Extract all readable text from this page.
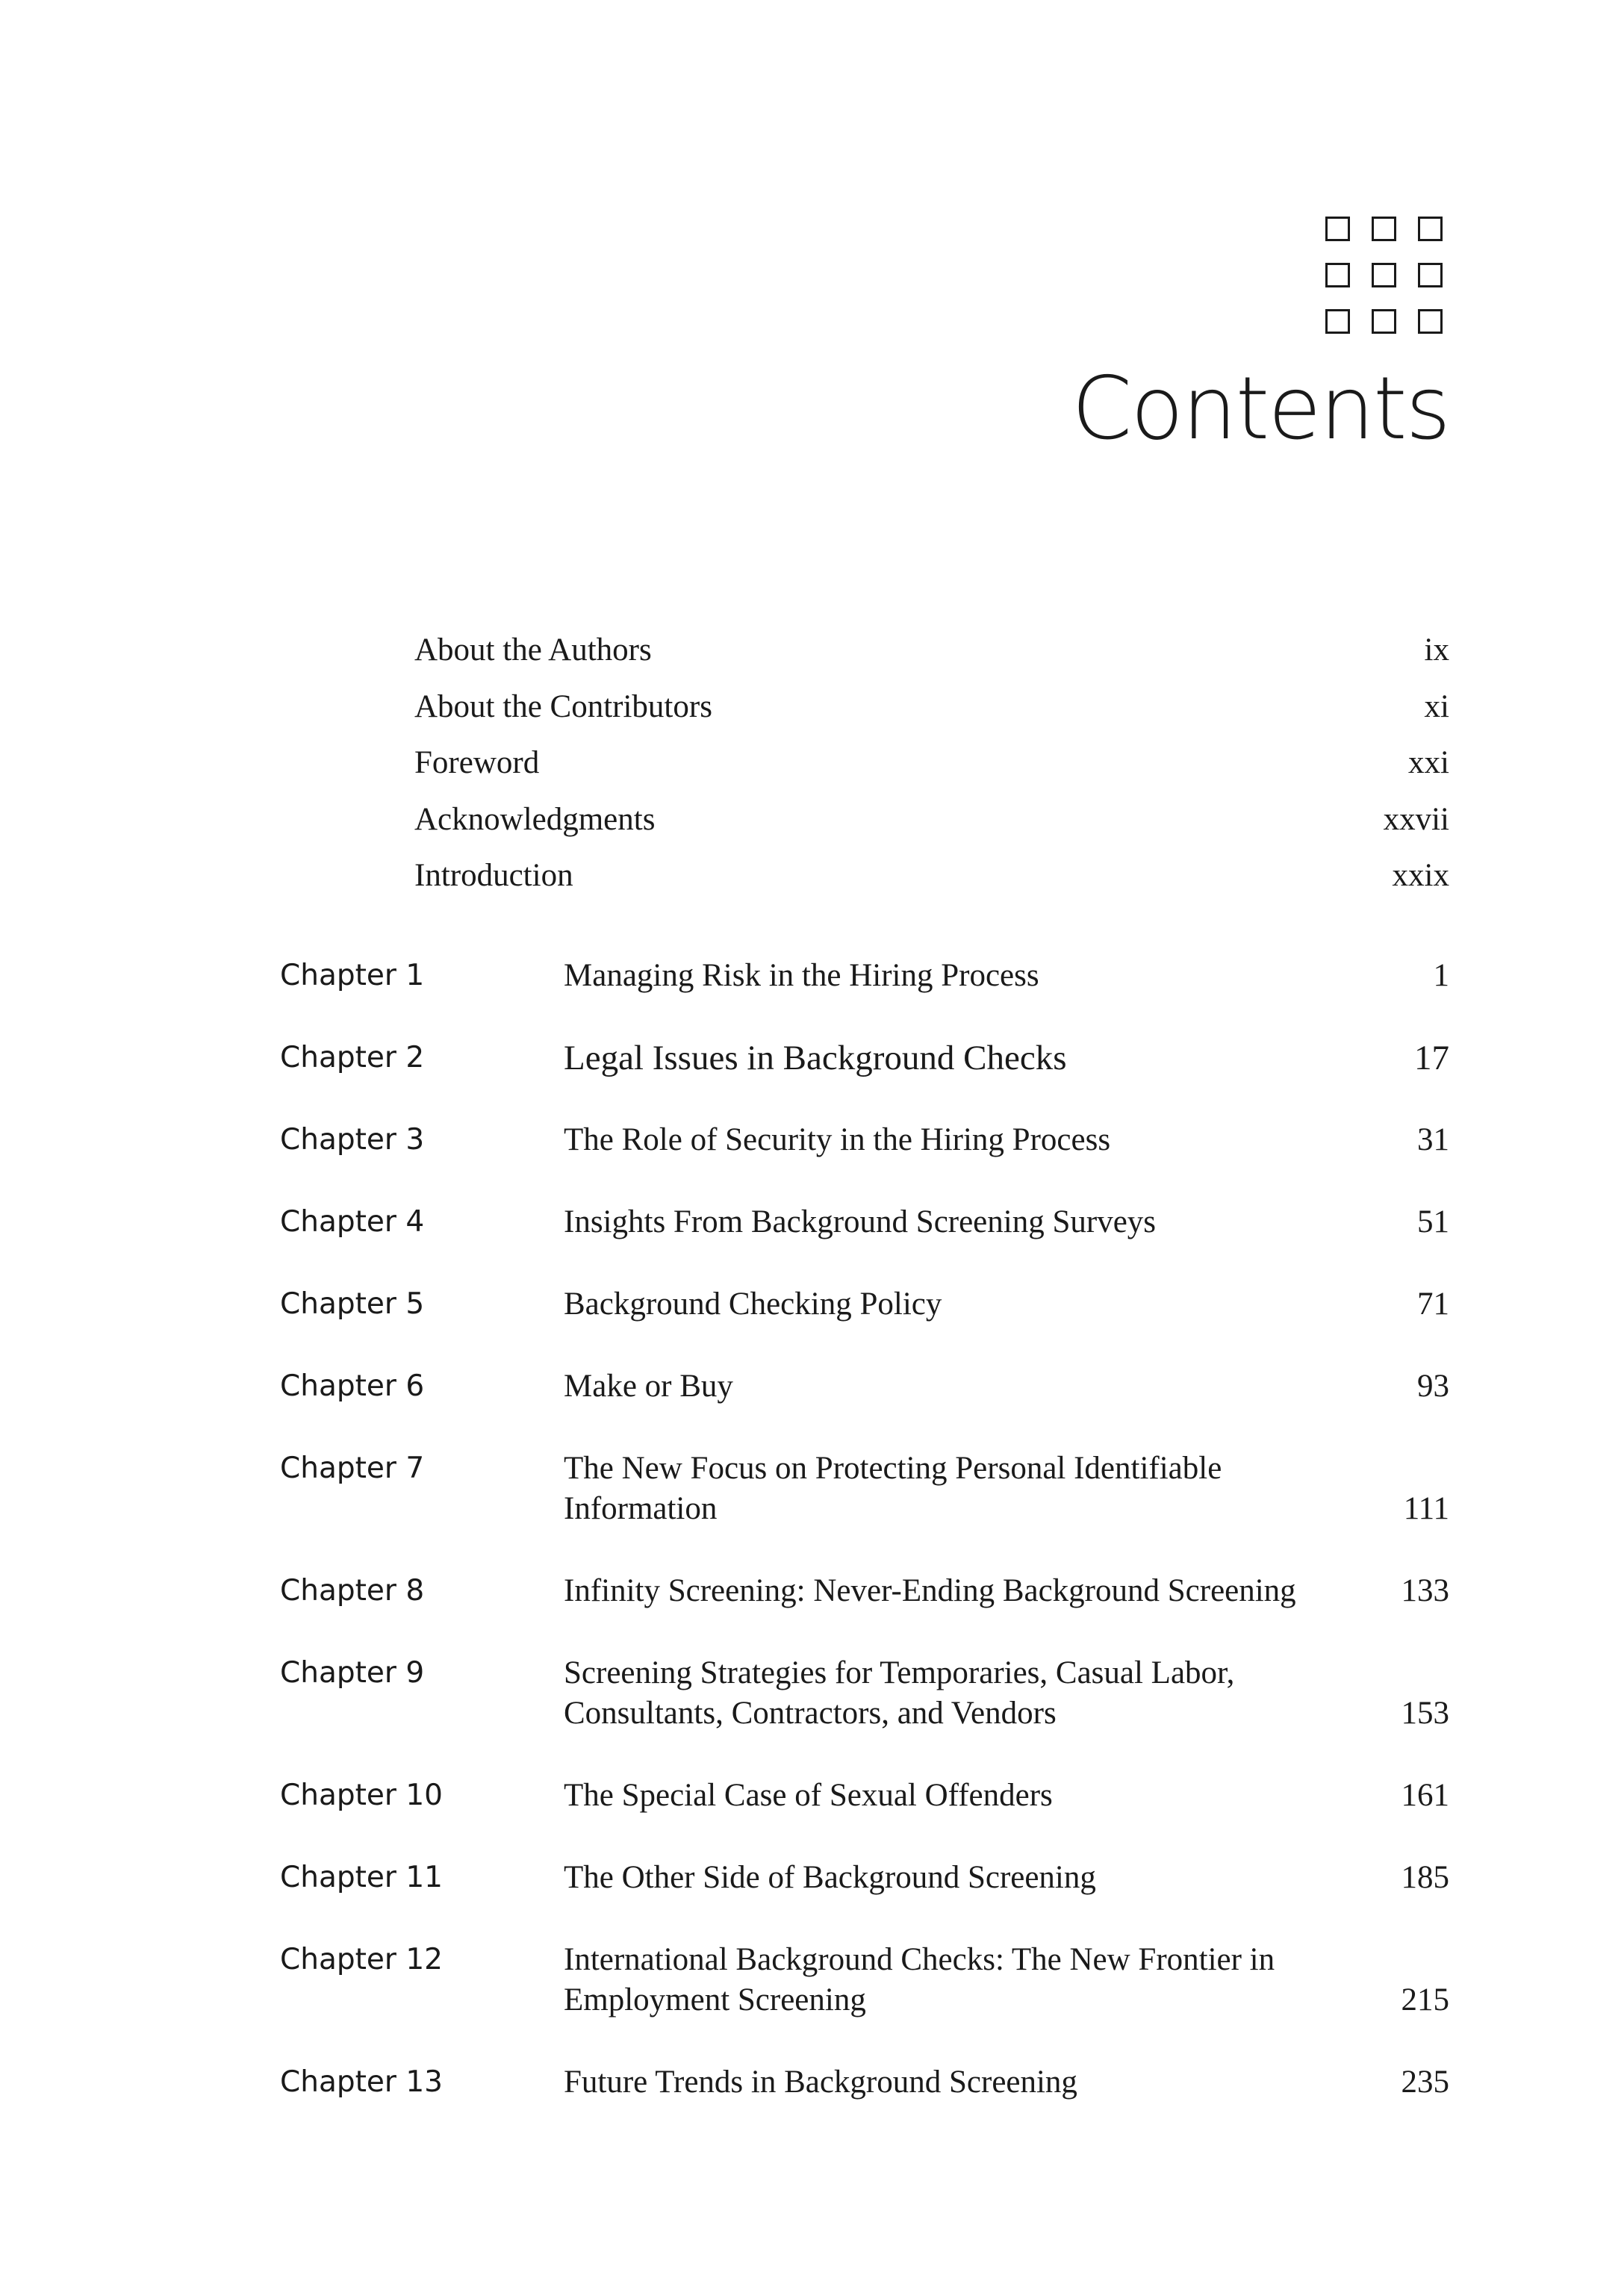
Contents
About the Authors	ix
About the Contributors	xi
Foreword	xxi
Acknowledgments	xxvii
Introduction	xxix
Chapter 1	Managing Risk in the Hiring Process	1
Chapter 2	Legal Issues in Background Checks	17
Chapter 3	The Role of Security in the Hiring Process	31
Chapter 4	Insights From Background Screening Surveys	51
Chapter 5	Background Checking Policy	71
Chapter 6	Make or Buy	93
Chapter 7	The New Focus on Protecting Personal Identifiable Information	111
Chapter 8	Infinity Screening: Never-Ending Background Screening	133
Chapter 9	Screening Strategies for Temporaries, Casual Labor, Consultants, Contractors, and Vendors	153
Chapter 10	The Special Case of Sexual Offenders	161
Chapter 11	The Other Side of Background Screening	185
Chapter 12	International Background Checks: The New Frontier in Employment Screening	215
Chapter 13	Future Trends in Background Screening	235
